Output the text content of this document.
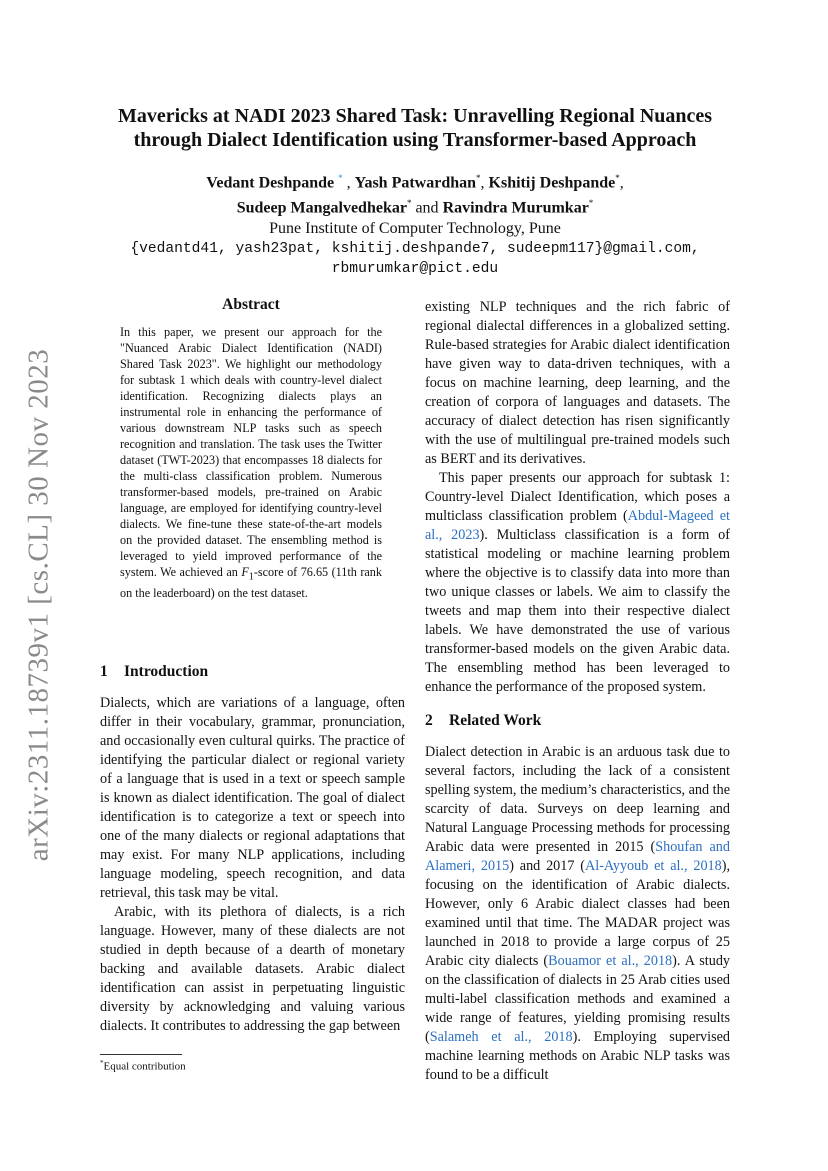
arXiv:2311.18739v1 [cs.CL] 30 Nov 2023
Mavericks at NADI 2023 Shared Task: Unravelling Regional Nuances through Dialect Identification using Transformer-based Approach
Vedant Deshpande * , Yash Patwardhan*, Kshitij Deshpande*,
Sudeep Mangalvedhekar* and Ravindra Murumkar*
Pune Institute of Computer Technology, Pune
{vedantd41, yash23pat, kshitij.deshpande7, sudeepm117}@gmail.com,
rbmurumkar@pict.edu
Abstract

In this paper, we present our approach for the "Nuanced Arabic Dialect Identification (NADI) Shared Task 2023". We highlight our methodology for subtask 1 which deals with country-level dialect identification. Recognizing dialects plays an instrumental role in enhancing the performance of various downstream NLP tasks such as speech recognition and translation. The task uses the Twitter dataset (TWT-2023) that encompasses 18 dialects for the multi-class classification problem. Numerous transformer-based models, pre-trained on Arabic language, are employed for identifying country-level dialects. We fine-tune these state-of-the-art models on the provided dataset. The ensembling method is leveraged to yield improved performance of the system. We achieved an $F_1$-score of 76.65 (11th rank on the leaderboard) on the test dataset.

1 Introduction

Dialects, which are variations of a language, often differ in their vocabulary, grammar, pronunciation, and occasionally even cultural quirks. The practice of identifying the particular dialect or regional variety of a language that is used in a text or speech sample is known as dialect identification. The goal of dialect identification is to categorize a text or speech into one of the many dialects or regional adaptations that may exist. For many NLP applications, including language modeling, speech recognition, and data retrieval, this task may be vital.

Arabic, with its plethora of dialects, is a rich language. However, many of these dialects are not studied in depth because of a dearth of monetary backing and available datasets. Arabic dialect identification can assist in perpetuating linguistic diversity by acknowledging and valuing various dialects. It contributes to addressing the gap between

*Equal contribution

existing NLP techniques and the rich fabric of regional dialectal differences in a globalized setting. Rule-based strategies for Arabic dialect identification have given way to data-driven techniques, with a focus on machine learning, deep learning, and the creation of corpora of languages and datasets. The accuracy of dialect detection has risen significantly with the use of multilingual pre-trained models such as BERT and its derivatives.

This paper presents our approach for subtask 1: Country-level Dialect Identification, which poses a multiclass classification problem (Abdul-Mageed et al., 2023). Multiclass classification is a form of statistical modeling or machine learning problem where the objective is to classify data into more than two unique classes or labels. We aim to classify the tweets and map them into their respective dialect labels. We have demonstrated the use of various transformer-based models on the given Arabic data. The ensembling method has been leveraged to enhance the performance of the proposed system.

2 Related Work

Dialect detection in Arabic is an arduous task due to several factors, including the lack of a consistent spelling system, the medium’s characteristics, and the scarcity of data. Surveys on deep learning and Natural Language Processing methods for processing Arabic data were presented in 2015 (Shoufan and Alameri, 2015) and 2017 (Al-Ayyoub et al., 2018), focusing on the identification of Arabic dialects. However, only 6 Arabic dialect classes had been examined until that time. The MADAR project was launched in 2018 to provide a large corpus of 25 Arabic city dialects (Bouamor et al., 2018). A study on the classification of dialects in 25 Arab cities used multi-label classification methods and examined a wide range of features, yielding promising results (Salameh et al., 2018). Employing supervised machine learning methods on Arabic NLP tasks was found to be a difficult
